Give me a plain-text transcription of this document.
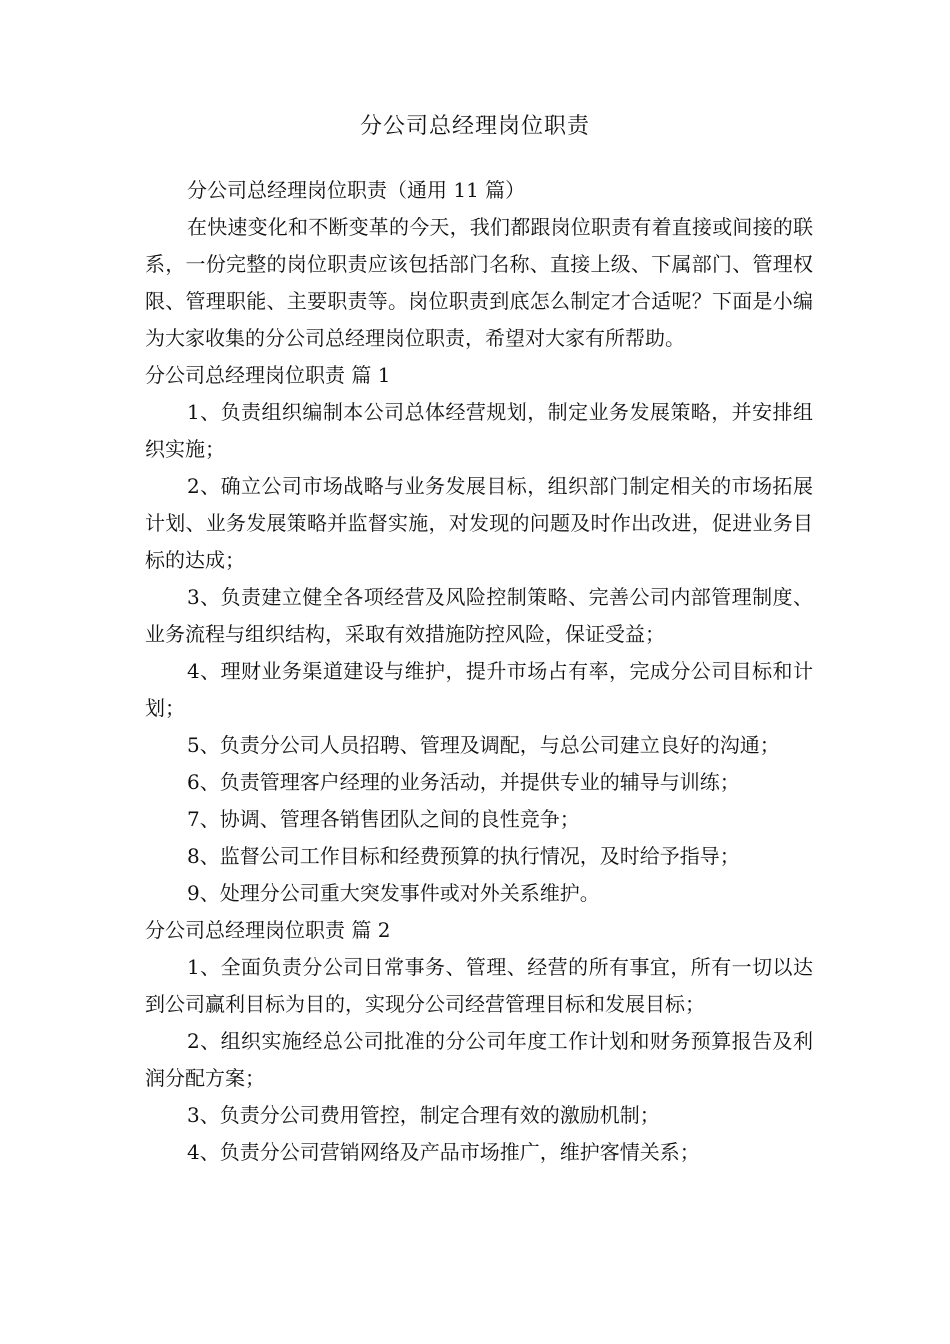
分公司总经理岗位职责

分公司总经理岗位职责（通用 11 篇）

在快速变化和不断变革的今天，我们都跟岗位职责有着直接或间接的联系，一份完整的岗位职责应该包括部门名称、直接上级、下属部门、管理权限、管理职能、主要职责等。岗位职责到底怎么制定才合适呢？下面是小编为大家收集的分公司总经理岗位职责，希望对大家有所帮助。

分公司总经理岗位职责 篇 1

1、负责组织编制本公司总体经营规划，制定业务发展策略，并安排组织实施；

2、确立公司市场战略与业务发展目标，组织部门制定相关的市场拓展计划、业务发展策略并监督实施，对发现的问题及时作出改进，促进业务目标的达成；

3、负责建立健全各项经营及风险控制策略、完善公司内部管理制度、业务流程与组织结构，采取有效措施防控风险，保证受益；

4、理财业务渠道建设与维护，提升市场占有率，完成分公司目标和计划；

5、负责分公司人员招聘、管理及调配，与总公司建立良好的沟通；

6、负责管理客户经理的业务活动，并提供专业的辅导与训练；

7、协调、管理各销售团队之间的良性竞争；

8、监督公司工作目标和经费预算的执行情况，及时给予指导；

9、处理分公司重大突发事件或对外关系维护。

分公司总经理岗位职责 篇 2

1、全面负责分公司日常事务、管理、经营的所有事宜，所有一切以达到公司赢利目标为目的，实现分公司经营管理目标和发展目标；

2、组织实施经总公司批准的分公司年度工作计划和财务预算报告及利润分配方案；

3、负责分公司费用管控，制定合理有效的激励机制；

4、负责分公司营销网络及产品市场推广，维护客情关系；
